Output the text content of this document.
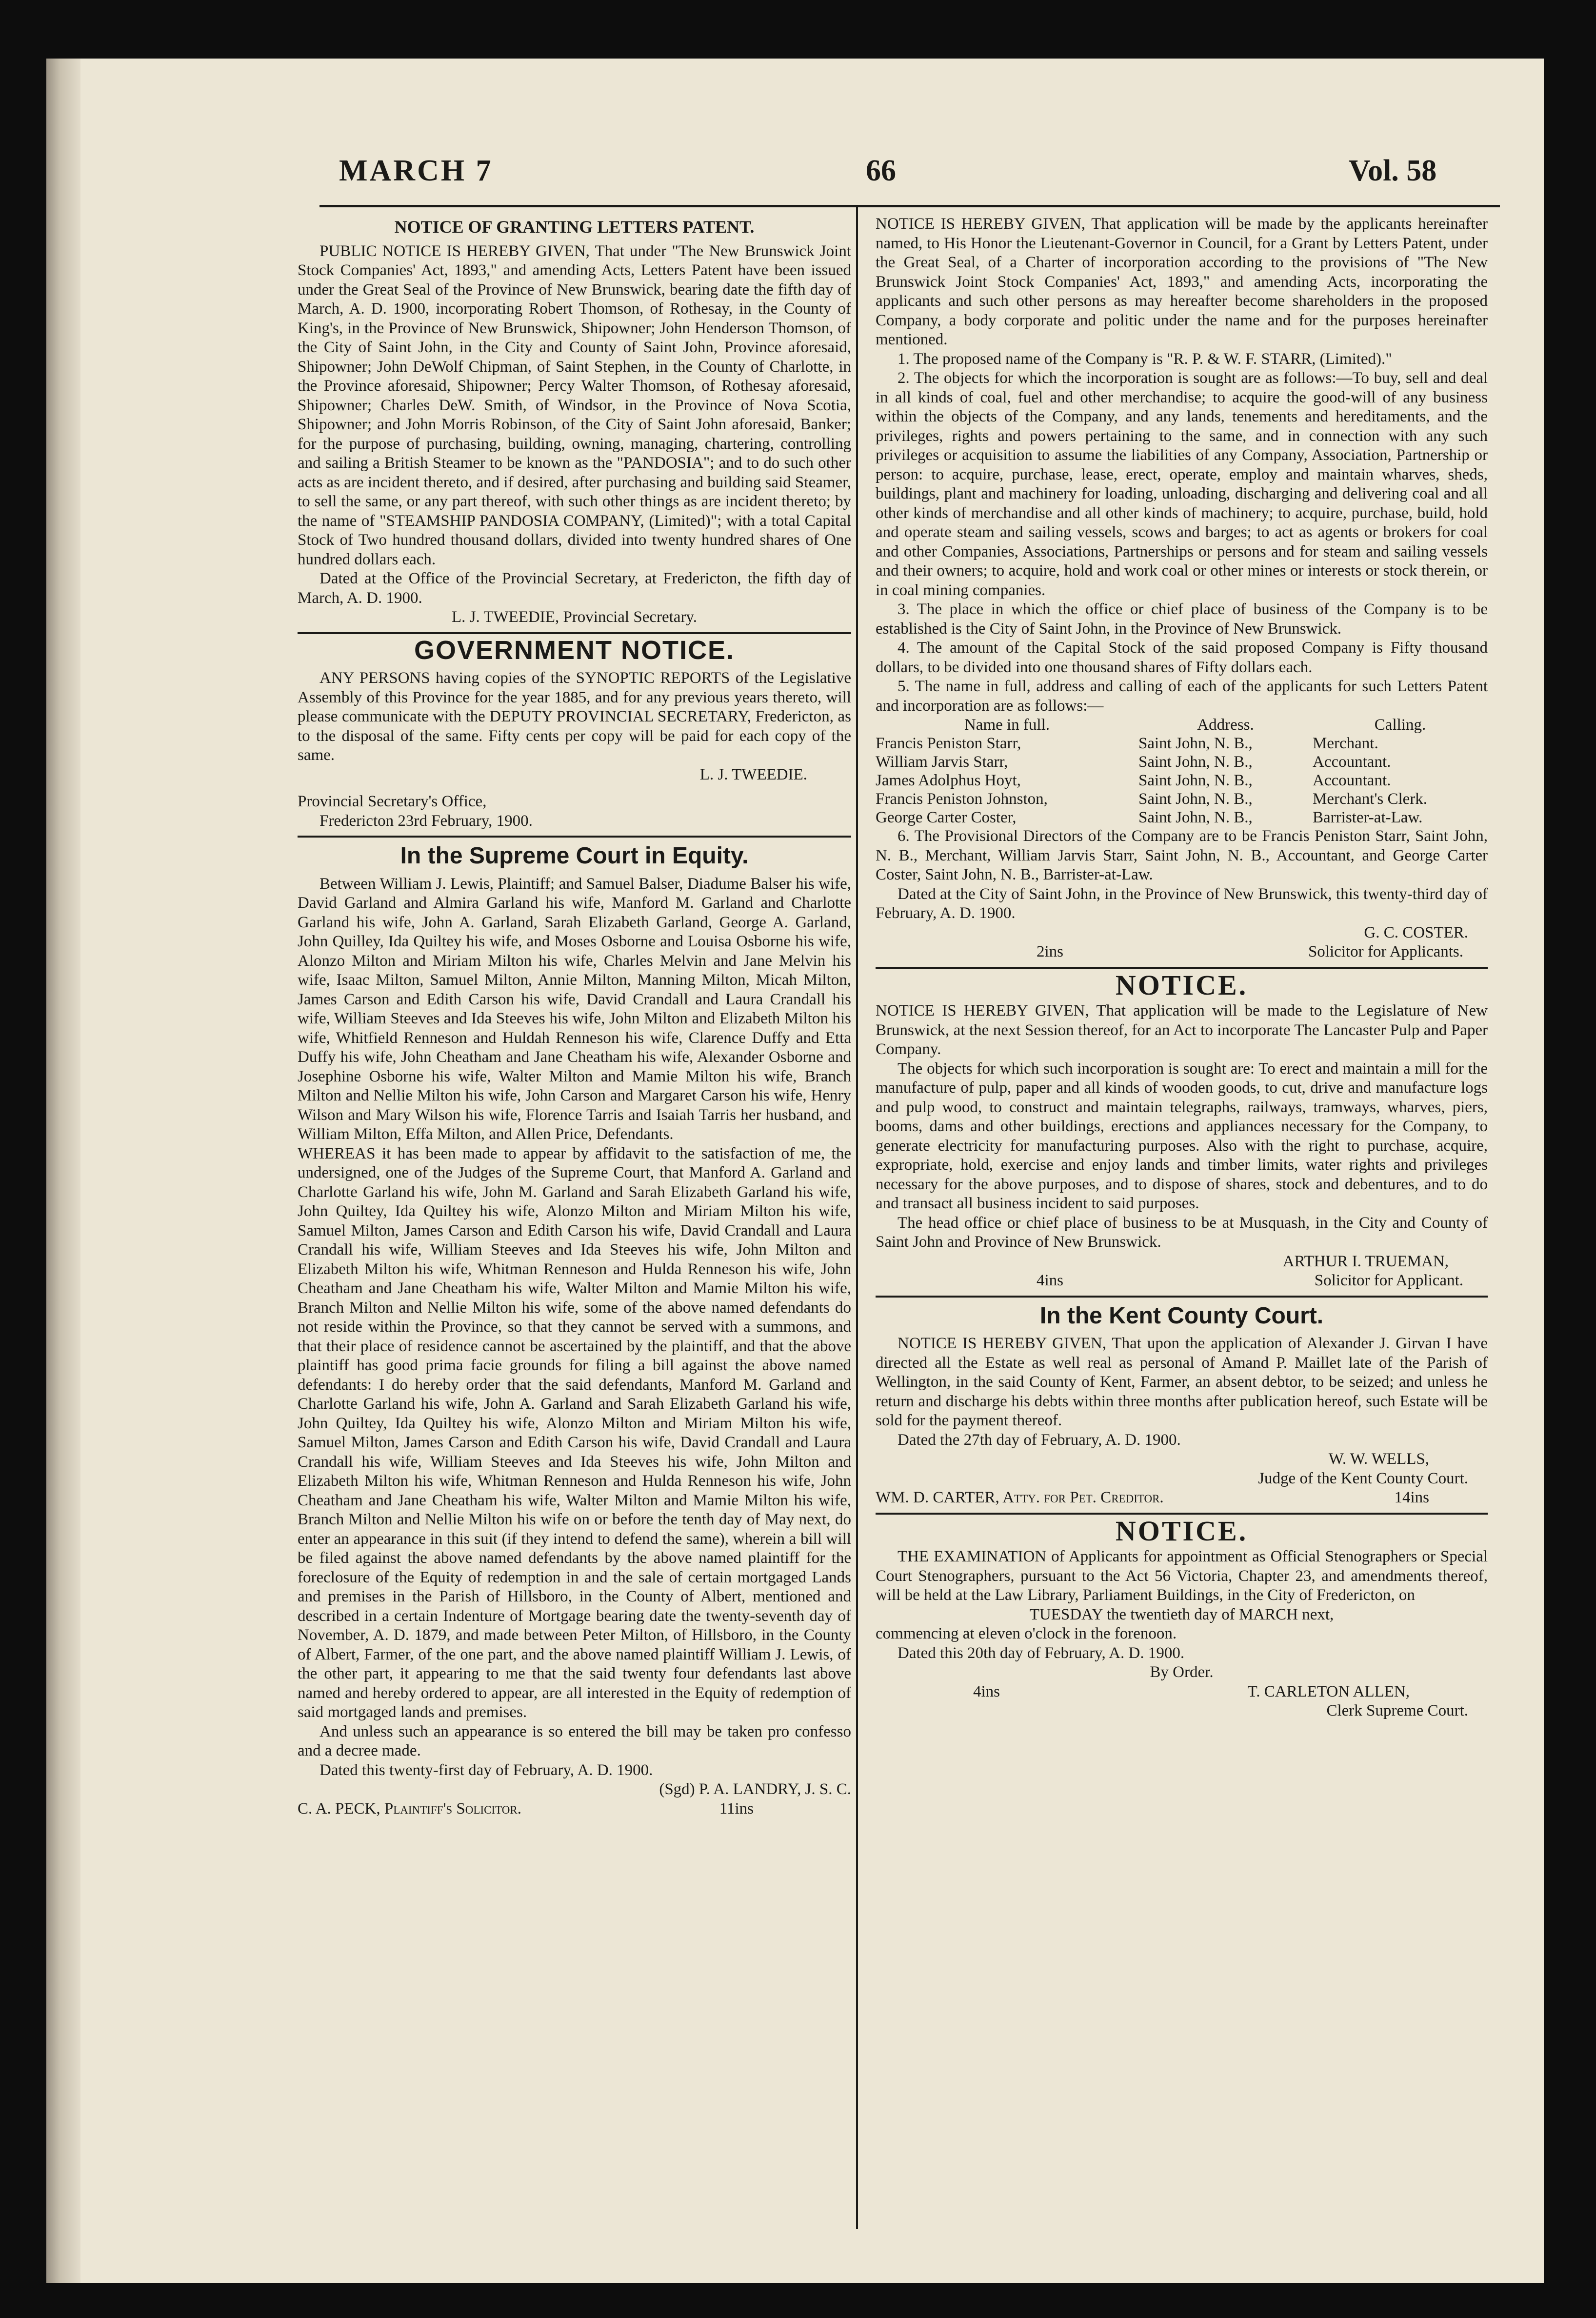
MARCH 7	66	Vol. 58
NOTICE OF GRANTING LETTERS PATENT.

PUBLIC NOTICE IS HEREBY GIVEN, That under "The New Brunswick Joint Stock Companies' Act, 1893," and amending Acts, Letters Patent have been issued under the Great Seal of the Province of New Brunswick, bearing date the fifth day of March, A. D. 1900, incorporating Robert Thomson, of Rothesay, in the County of King's, in the Province of New Brunswick, Shipowner; John Henderson Thomson, of the City of Saint John, in the City and County of Saint John, Province aforesaid, Shipowner; John DeWolf Chipman, of Saint Stephen, in the County of Charlotte, in the Province aforesaid, Shipowner; Percy Walter Thomson, of Rothesay aforesaid, Shipowner; Charles DeW. Smith, of Windsor, in the Province of Nova Scotia, Shipowner; and John Morris Robinson, of the City of Saint John aforesaid, Banker; for the purpose of purchasing, building, owning, managing, chartering, controlling and sailing a British Steamer to be known as the "PANDOSIA"; and to do such other acts as are incident thereto, and if desired, after purchasing and building said Steamer, to sell the same, or any part thereof, with such other things as are incident thereto; by the name of "STEAMSHIP PANDOSIA COMPANY, (Limited)"; with a total Capital Stock of Two hundred thousand dollars, divided into twenty hundred shares of One hundred dollars each.

Dated at the Office of the Provincial Secretary, at Fredericton, the fifth day of March, A. D. 1900.

L. J. TWEEDIE, Provincial Secretary.

GOVERNMENT NOTICE.

ANY PERSONS having copies of the SYNOPTIC REPORTS of the Legislative Assembly of this Province for the year 1885, and for any previous years thereto, will please communicate with the DEPUTY PROVINCIAL SECRETARY, Fredericton, as to the disposal of the same. Fifty cents per copy will be paid for each copy of the same.

L. J. TWEEDIE.

Provincial Secretary's Office,

Fredericton 23rd February, 1900.

In the Supreme Court in Equity.

Between William J. Lewis, Plaintiff; and Samuel Balser, Diadume Balser his wife, David Garland and Almira Garland his wife, Manford M. Garland and Charlotte Garland his wife, John A. Garland, Sarah Elizabeth Garland, George A. Garland, John Quilley, Ida Quiltey his wife, and Moses Osborne and Louisa Osborne his wife, Alonzo Milton and Miriam Milton his wife, Charles Melvin and Jane Melvin his wife, Isaac Milton, Samuel Milton, Annie Milton, Manning Milton, Micah Milton, James Carson and Edith Carson his wife, David Crandall and Laura Crandall his wife, William Steeves and Ida Steeves his wife, John Milton and Elizabeth Milton his wife, Whitfield Renneson and Huldah Renneson his wife, Clarence Duffy and Etta Duffy his wife, John Cheatham and Jane Cheatham his wife, Alexander Osborne and Josephine Osborne his wife, Walter Milton and Mamie Milton his wife, Branch Milton and Nellie Milton his wife, John Carson and Margaret Carson his wife, Henry Wilson and Mary Wilson his wife, Florence Tarris and Isaiah Tarris her husband, and William Milton, Effa Milton, and Allen Price, Defendants.

WHEREAS it has been made to appear by affidavit to the satisfaction of me, the undersigned, one of the Judges of the Supreme Court, that Manford A. Garland and Charlotte Garland his wife, John M. Garland and Sarah Elizabeth Garland his wife, John Quiltey, Ida Quiltey his wife, Alonzo Milton and Miriam Milton his wife, Samuel Milton, James Carson and Edith Carson his wife, David Crandall and Laura Crandall his wife, William Steeves and Ida Steeves his wife, John Milton and Elizabeth Milton his wife, Whitman Renneson and Hulda Renneson his wife, John Cheatham and Jane Cheatham his wife, Walter Milton and Mamie Milton his wife, Branch Milton and Nellie Milton his wife, some of the above named defendants do not reside within the Province, so that they cannot be served with a summons, and that their place of residence cannot be ascertained by the plaintiff, and that the above plaintiff has good prima facie grounds for filing a bill against the above named defendants: I do hereby order that the said defendants, Manford M. Garland and Charlotte Garland his wife, John A. Garland and Sarah Elizabeth Garland his wife, John Quiltey, Ida Quiltey his wife, Alonzo Milton and Miriam Milton his wife, Samuel Milton, James Carson and Edith Carson his wife, David Crandall and Laura Crandall his wife, William Steeves and Ida Steeves his wife, John Milton and Elizabeth Milton his wife, Whitman Renneson and Hulda Renneson his wife, John Cheatham and Jane Cheatham his wife, Walter Milton and Mamie Milton his wife, Branch Milton and Nellie Milton his wife on or before the tenth day of May next, do enter an appearance in this suit (if they intend to defend the same), wherein a bill will be filed against the above named defendants by the above named plaintiff for the foreclosure of the Equity of redemption in and the sale of certain mortgaged Lands and premises in the Parish of Hillsboro, in the County of Albert, mentioned and described in a certain Indenture of Mortgage bearing date the twenty-seventh day of November, A. D. 1879, and made between Peter Milton, of Hillsboro, in the County of Albert, Farmer, of the one part, and the above named plaintiff William J. Lewis, of the other part, it appearing to me that the said twenty four defendants last above named and hereby ordered to appear, are all interested in the Equity of redemption of said mortgaged lands and premises.

And unless such an appearance is so entered the bill may be taken pro confesso and a decree made.

Dated this twenty-first day of February, A. D. 1900.

(Sgd) P. A. LANDRY, J. S. C.

C. A. PECK, Plaintiff's Solicitor.	11ins

NOTICE IS HEREBY GIVEN, That application will be made by the applicants hereinafter named, to His Honor the Lieutenant-Governor in Council, for a Grant by Letters Patent, under the Great Seal, of a Charter of incorporation according to the provisions of "The New Brunswick Joint Stock Companies' Act, 1893," and amending Acts, incorporating the applicants and such other persons as may hereafter become shareholders in the proposed Company, a body corporate and politic under the name and for the purposes hereinafter mentioned.

1. The proposed name of the Company is "R. P. & W. F. STARR, (Limited)."

2. The objects for which the incorporation is sought are as follows:—To buy, sell and deal in all kinds of coal, fuel and other merchandise; to acquire the good-will of any business within the objects of the Company, and any lands, tenements and hereditaments, and the privileges, rights and powers pertaining to the same, and in connection with any such privileges or acquisition to assume the liabilities of any Company, Association, Partnership or person: to acquire, purchase, lease, erect, operate, employ and maintain wharves, sheds, buildings, plant and machinery for loading, unloading, discharging and delivering coal and all other kinds of merchandise and all other kinds of machinery; to acquire, purchase, build, hold and operate steam and sailing vessels, scows and barges; to act as agents or brokers for coal and other Companies, Associations, Partnerships or persons and for steam and sailing vessels and their owners; to acquire, hold and work coal or other mines or interests or stock therein, or in coal mining companies.

3. The place in which the office or chief place of business of the Company is to be established is the City of Saint John, in the Province of New Brunswick.

4. The amount of the Capital Stock of the said proposed Company is Fifty thousand dollars, to be divided into one thousand shares of Fifty dollars each.

5. The name in full, address and calling of each of the applicants for such Letters Patent and incorporation are as follows:—

Name in full.	Address.	Calling.
Francis Peniston Starr,	Saint John, N. B.,	Merchant.
William Jarvis Starr,	Saint John, N. B.,	Accountant.
James Adolphus Hoyt,	Saint John, N. B.,	Accountant.
Francis Peniston Johnston,	Saint John, N. B.,	Merchant's Clerk.
George Carter Coster,	Saint John, N. B.,	Barrister-at-Law.

6. The Provisional Directors of the Company are to be Francis Peniston Starr, Saint John, N. B., Merchant, William Jarvis Starr, Saint John, N. B., Accountant, and George Carter Coster, Saint John, N. B., Barrister-at-Law.

Dated at the City of Saint John, in the Province of New Brunswick, this twenty-third day of February, A. D. 1900.

G. C. COSTER.

2ins	Solicitor for Applicants.
NOTICE.

NOTICE IS HEREBY GIVEN, That application will be made to the Legislature of New Brunswick, at the next Session thereof, for an Act to incorporate The Lancaster Pulp and Paper Company.

The objects for which such incorporation is sought are: To erect and maintain a mill for the manufacture of pulp, paper and all kinds of wooden goods, to cut, drive and manufacture logs and pulp wood, to construct and maintain telegraphs, railways, tramways, wharves, piers, booms, dams and other buildings, erections and appliances necessary for the Company, to generate electricity for manufacturing purposes. Also with the right to purchase, acquire, expropriate, hold, exercise and enjoy lands and timber limits, water rights and privileges necessary for the above purposes, and to dispose of shares, stock and debentures, and to do and transact all business incident to said purposes.

The head office or chief place of business to be at Musquash, in the City and County of Saint John and Province of New Brunswick.

ARTHUR I. TRUEMAN,

4ins	Solicitor for Applicant.
In the Kent County Court.

NOTICE IS HEREBY GIVEN, That upon the application of Alexander J. Girvan I have directed all the Estate as well real as personal of Amand P. Maillet late of the Parish of Wellington, in the said County of Kent, Farmer, an absent debtor, to be seized; and unless he return and discharge his debts within three months after publication hereof, such Estate will be sold for the payment thereof.

Dated the 27th day of February, A. D. 1900.

W. W. WELLS,

Judge of the Kent County Court.

WM. D. CARTER, Atty. for Pet. Creditor.	14ins
NOTICE.

THE EXAMINATION of Applicants for appointment as Official Stenographers or Special Court Stenographers, pursuant to the Act 56 Victoria, Chapter 23, and amendments thereof, will be held at the Law Library, Parliament Buildings, in the City of Fredericton, on

TUESDAY the twentieth day of MARCH next,

commencing at eleven o'clock in the forenoon.

Dated this 20th day of February, A. D. 1900.

By Order.

4ins	T. CARLETON ALLEN,

Clerk Supreme Court.
